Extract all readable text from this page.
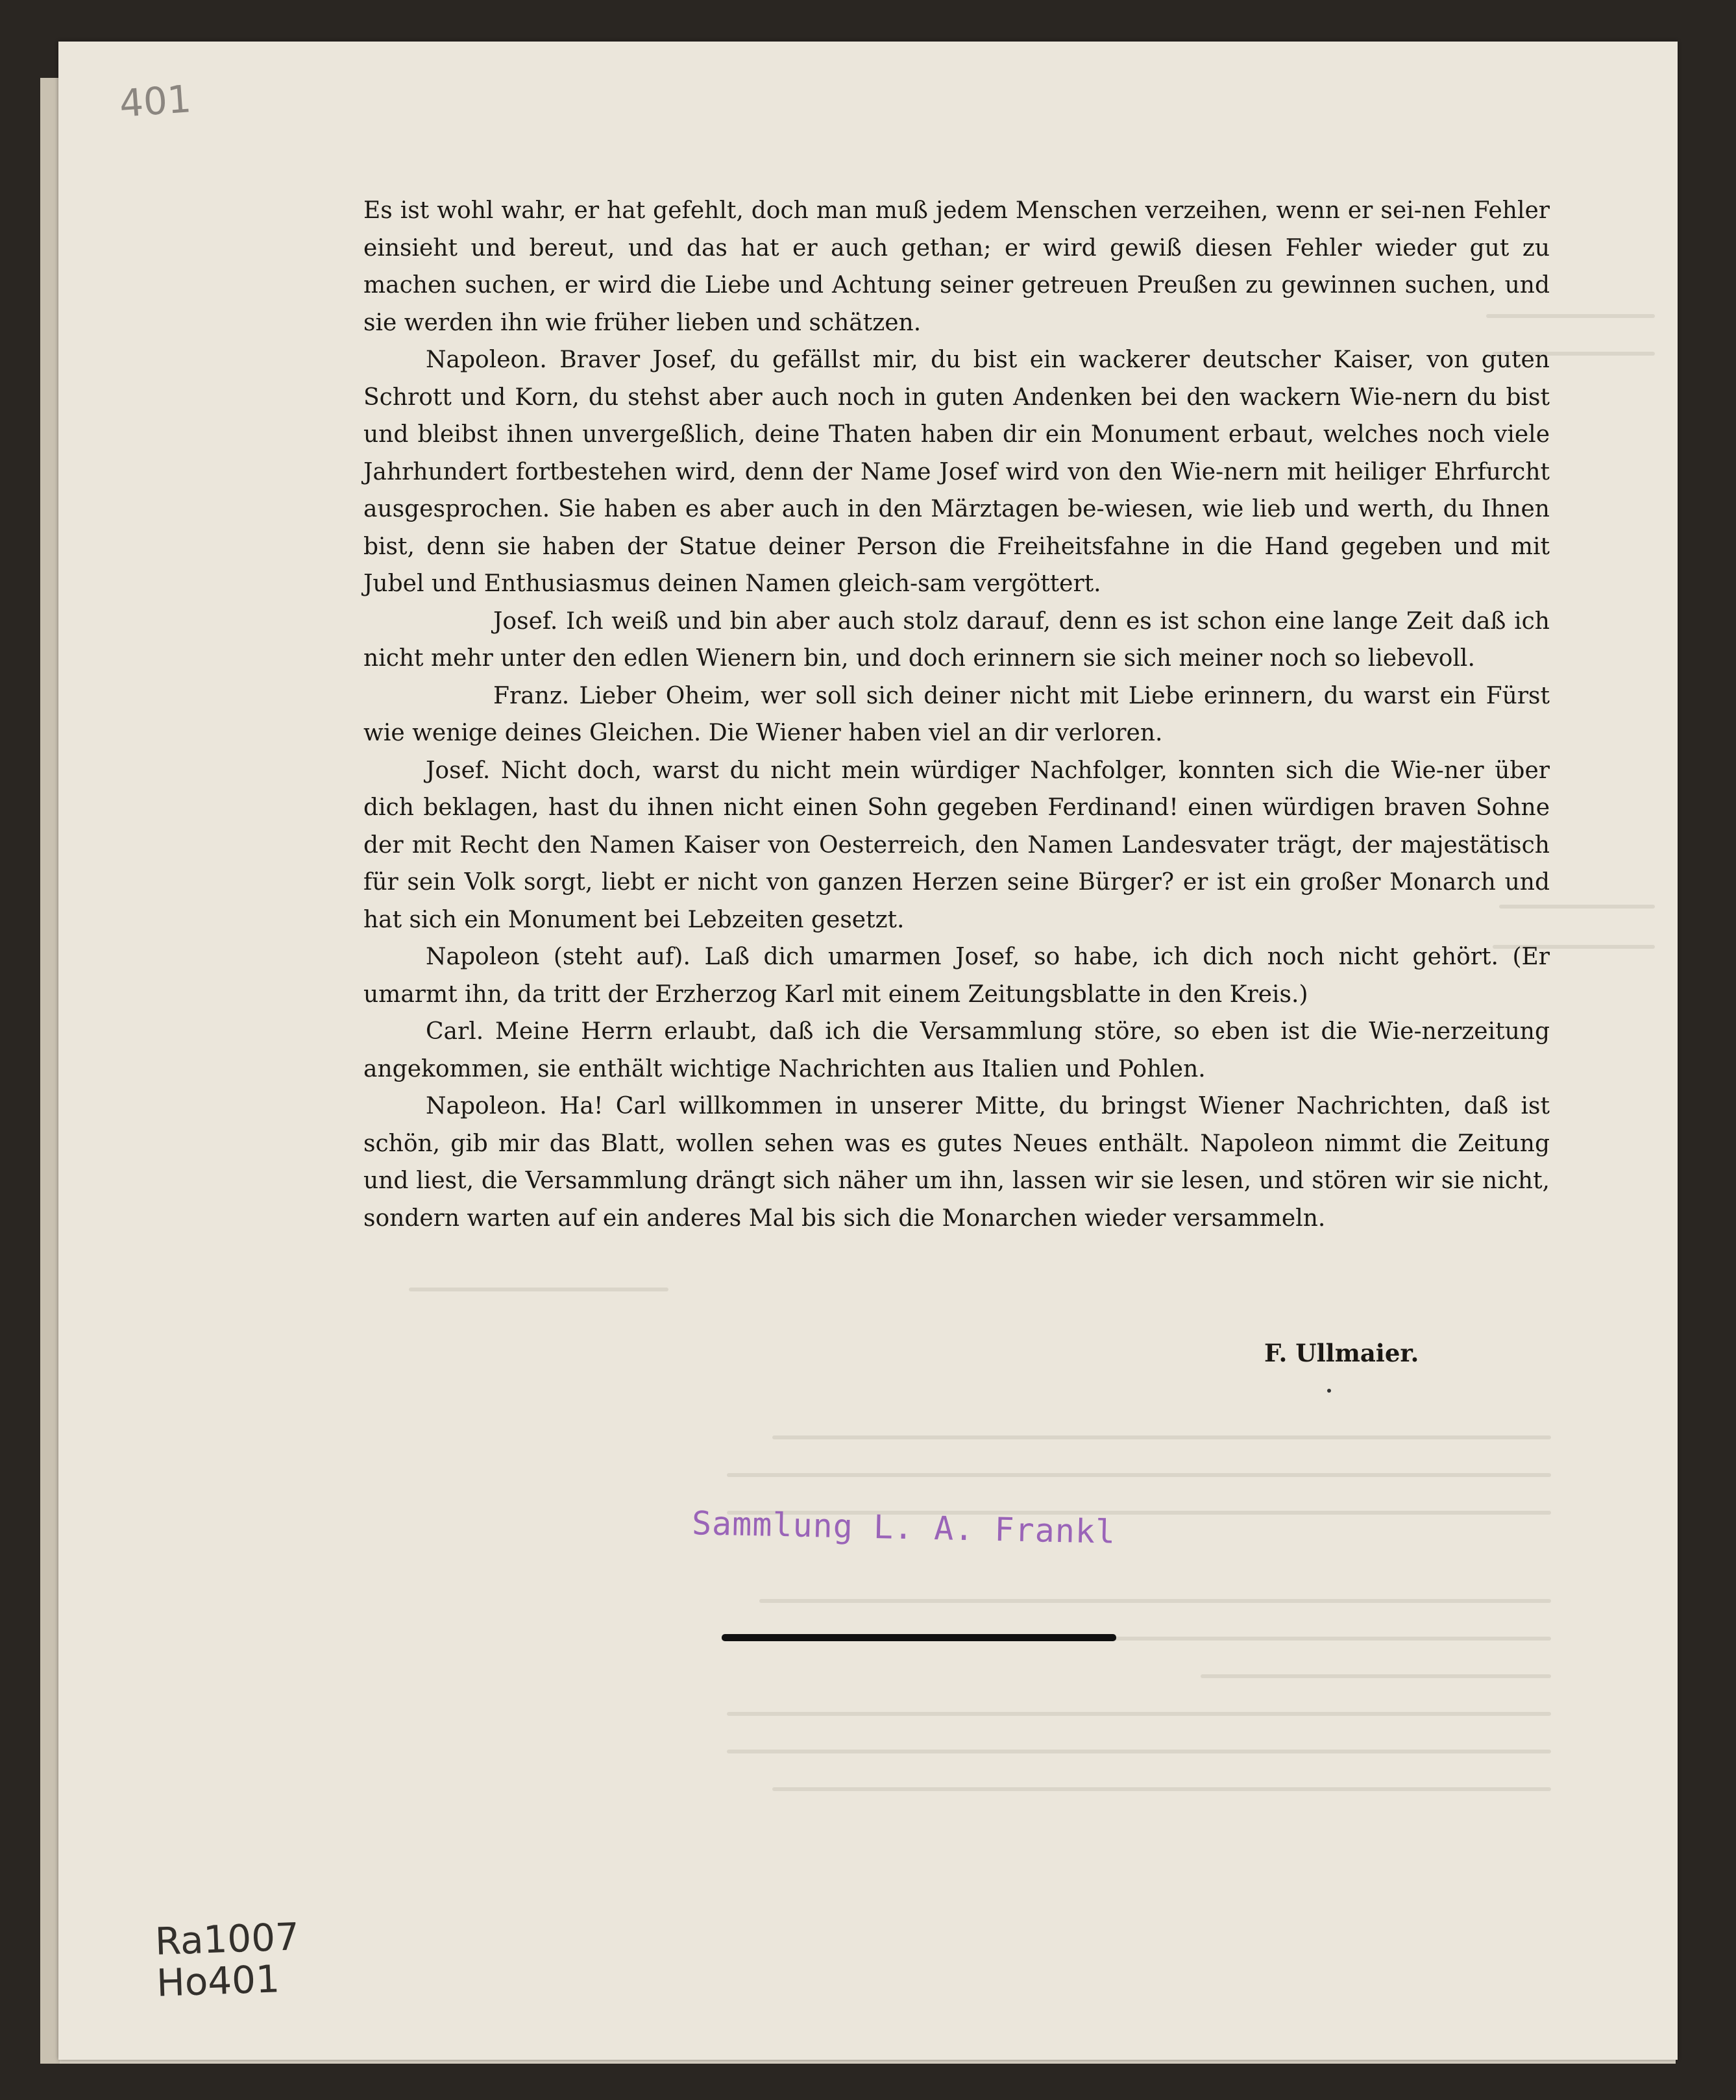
401

Es ist wohl wahr, er hat gefehlt, doch man muß jedem Menschen verzeihen, wenn er sei-nen Fehler einsieht und bereut, und das hat er auch gethan; er wird gewiß diesen Fehler wieder gut zu machen suchen, er wird die Liebe und Achtung seiner getreuen Preußen zu gewinnen suchen, und sie werden ihn wie früher lieben und schätzen.

Napoleon. Braver Josef, du gefällst mir, du bist ein wackerer deutscher Kaiser, von guten Schrott und Korn, du stehst aber auch noch in guten Andenken bei den wackern Wie-nern du bist und bleibst ihnen unvergeßlich, deine Thaten haben dir ein Monument erbaut, welches noch viele Jahrhundert fortbestehen wird, denn der Name Josef wird von den Wie-nern mit heiliger Ehrfurcht ausgesprochen. Sie haben es aber auch in den Märztagen be-wiesen, wie lieb und werth, du Ihnen bist, denn sie haben der Statue deiner Person die Freiheitsfahne in die Hand gegeben und mit Jubel und Enthusiasmus deinen Namen gleich-sam vergöttert.

Josef. Ich weiß und bin aber auch stolz darauf, denn es ist schon eine lange Zeit daß ich nicht mehr unter den edlen Wienern bin, und doch erinnern sie sich meiner noch so liebevoll.

Franz. Lieber Oheim, wer soll sich deiner nicht mit Liebe erinnern, du warst ein Fürst wie wenige deines Gleichen. Die Wiener haben viel an dir verloren.

Josef. Nicht doch, warst du nicht mein würdiger Nachfolger, konnten sich die Wie-ner über dich beklagen, hast du ihnen nicht einen Sohn gegeben Ferdinand! einen würdigen braven Sohne der mit Recht den Namen Kaiser von Oesterreich, den Namen Landesvater trägt, der majestätisch für sein Volk sorgt, liebt er nicht von ganzen Herzen seine Bürger? er ist ein großer Monarch und hat sich ein Monument bei Lebzeiten gesetzt.

Napoleon (steht auf). Laß dich umarmen Josef, so habe, ich dich noch nicht gehört. (Er umarmt ihn, da tritt der Erzherzog Karl mit einem Zeitungsblatte in den Kreis.)

Carl. Meine Herrn erlaubt, daß ich die Versammlung störe, so eben ist die Wie-nerzeitung angekommen, sie enthält wichtige Nachrichten aus Italien und Pohlen.

Napoleon. Ha! Carl willkommen in unserer Mitte, du bringst Wiener Nachrichten, daß ist schön, gib mir das Blatt, wollen sehen was es gutes Neues enthält. Napoleon nimmt die Zeitung und liest, die Versammlung drängt sich näher um ihn, lassen wir sie lesen, und stören wir sie nicht, sondern warten auf ein anderes Mal bis sich die Monarchen wieder versammeln.

F. Ullmaier.
Sammlung L. A. Frankl
Ra1007
Ho401
